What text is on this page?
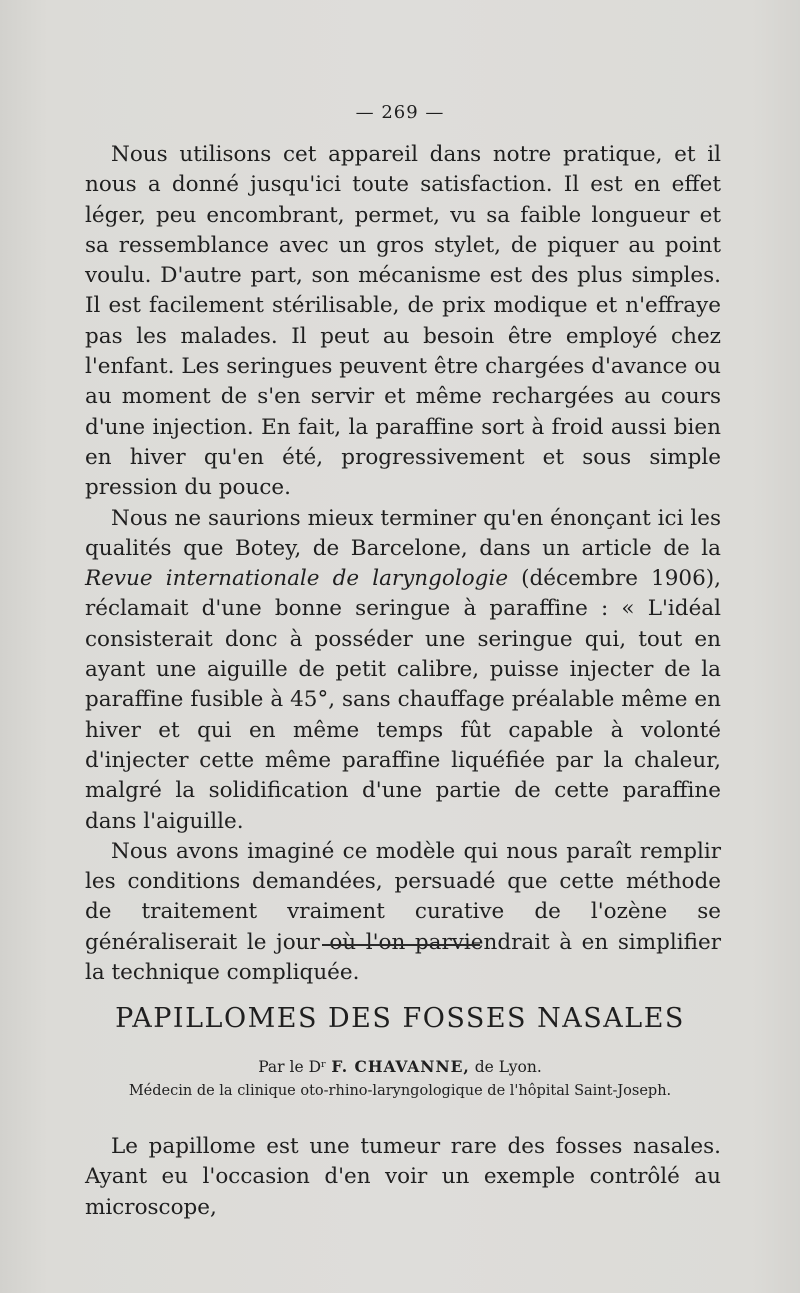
— 269 —

Nous utilisons cet appareil dans notre pratique, et il nous a donné jusqu'ici toute satisfaction. Il est en effet léger, peu encombrant, permet, vu sa faible longueur et sa ressemblance avec un gros stylet, de piquer au point voulu. D'autre part, son mécanisme est des plus simples. Il est facilement stérilisable, de prix modique et n'effraye pas les malades. Il peut au besoin être employé chez l'enfant. Les seringues peuvent être chargées d'avance ou au moment de s'en servir et même rechargées au cours d'une injection. En fait, la paraffine sort à froid aussi bien en hiver qu'en été, progressivement et sous simple pression du pouce.

Nous ne saurions mieux terminer qu'en énonçant ici les qualités que Botey, de Barcelone, dans un article de la Revue internationale de laryngologie (décembre 1906), réclamait d'une bonne seringue à paraffine : « L'idéal consisterait donc à posséder une seringue qui, tout en ayant une aiguille de petit calibre, puisse injecter de la paraffine fusible à 45°, sans chauffage préalable même en hiver et qui en même temps fût capable à volonté d'injecter cette même paraffine liquéfiée par la chaleur, malgré la solidification d'une partie de cette paraffine dans l'aiguille.

Nous avons imaginé ce modèle qui nous paraît remplir les conditions demandées, persuadé que cette méthode de traitement vraiment curative de l'ozène se généraliserait le jour où l'on parviendrait à en simplifier la technique compliquée.

PAPILLOMES DES FOSSES NASALES
Par le Dʳ F. CHAVANNE, de Lyon.
Médecin de la clinique oto-rhino-laryngologique de l'hôpital Saint-Joseph.

Le papillome est une tumeur rare des fosses nasales. Ayant eu l'occasion d'en voir un exemple contrôlé au microscope,
